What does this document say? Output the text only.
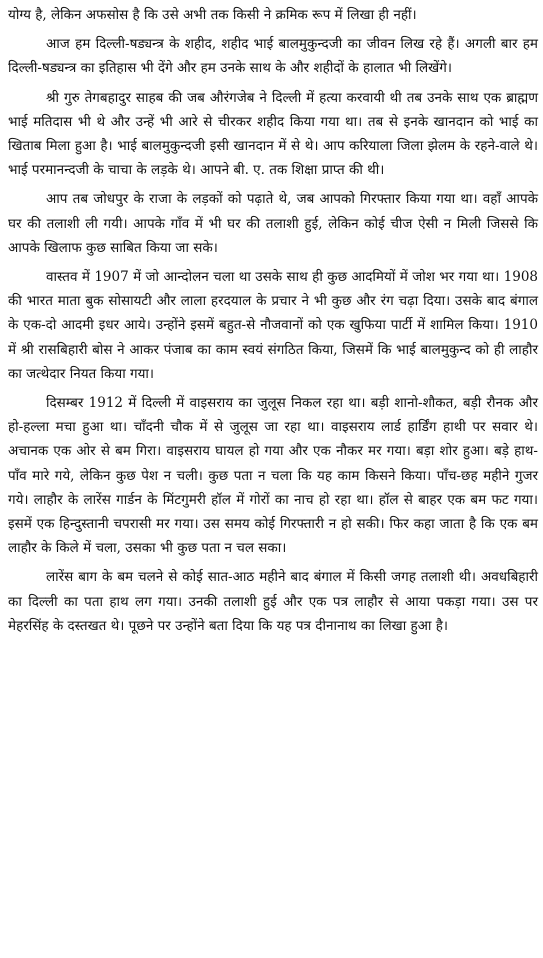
योग्य है, लेकिन अफसोस है कि उसे अभी तक किसी ने क्रमिक रूप में लिखा ही नहीं।

आज हम दिल्ली-षड्यन्त्र के शहीद, शहीद भाई बालमुकुन्दजी का जीवन लिख रहे हैं। अगली बार हम दिल्ली-षड्यन्त्र का इतिहास भी देंगे और हम उनके साथ के और शहीदों के हालात भी लिखेंगे।

श्री गुरु तेगबहादुर साहब की जब औरंगजेब ने दिल्ली में हत्या करवायी थी तब उनके साथ एक ब्राह्मण भाई मतिदास भी थे और उन्हें भी आरे से चीरकर शहीद किया गया था। तब से इनके खानदान को भाई का खिताब मिला हुआ है। भाई बालमुकुन्दजी इसी खानदान में से थे। आप करियाला जिला झेलम के रहने-वाले थे। भाई परमानन्दजी के चाचा के लड़के थे। आपने बी. ए. तक शिक्षा प्राप्त की थी।

आप तब जोधपुर के राजा के लड़कों को पढ़ाते थे, जब आपको गिरफ्तार किया गया था। वहाँ आपके घर की तलाशी ली गयी। आपके गाँव में भी घर की तलाशी हुई, लेकिन कोई चीज ऐसी न मिली जिससे कि आपके खिलाफ कुछ साबित किया जा सके।

वास्तव में 1907 में जो आन्दोलन चला था उसके साथ ही कुछ आदमियों में जोश भर गया था। 1908 की भारत माता बुक सोसायटी और लाला हरदयाल के प्रचार ने भी कुछ और रंग चढ़ा दिया। उसके बाद बंगाल के एक-दो आदमी इधर आये। उन्होंने इसमें बहुत-से नौजवानों को एक खुफिया पार्टी में शामिल किया। 1910 में श्री रासबिहारी बोस ने आकर पंजाब का काम स्वयं संगठित किया, जिसमें कि भाई बालमुकुन्द को ही लाहौर का जत्थेदार नियत किया गया।

दिसम्बर 1912 में दिल्ली में वाइसराय का जुलूस निकल रहा था। बड़ी शानो-शौकत, बड़ी रौनक और हो-हल्ला मचा हुआ था। चाँदनी चौक में से जुलूस जा रहा था। वाइसराय लार्ड हार्डिंग हाथी पर सवार थे। अचानक एक ओर से बम गिरा। वाइसराय घायल हो गया और एक नौकर मर गया। बड़ा शोर हुआ। बड़े हाथ-पाँव मारे गये, लेकिन कुछ पेश न चली। कुछ पता न चला कि यह काम किसने किया। पाँच-छह महीने गुजर गये। लाहौर के लारेंस गार्डन के मिंटगुमरी हॉल में गोरों का नाच हो रहा था। हॉल से बाहर एक बम फट गया। इसमें एक हिन्दुस्तानी चपरासी मर गया। उस समय कोई गिरफ्तारी न हो सकी। फिर कहा जाता है कि एक बम लाहौर के किले में चला, उसका भी कुछ पता न चल सका।

लारेंस बाग के बम चलने से कोई सात-आठ महीने बाद बंगाल में किसी जगह तलाशी थी। अवधबिहारी का दिल्ली का पता हाथ लग गया। उनकी तलाशी हुई और एक पत्र लाहौर से आया पकड़ा गया। उस पर मेहरसिंह के दस्तखत थे। पूछने पर उन्होंने बता दिया कि यह पत्र दीनानाथ का लिखा हुआ है।
